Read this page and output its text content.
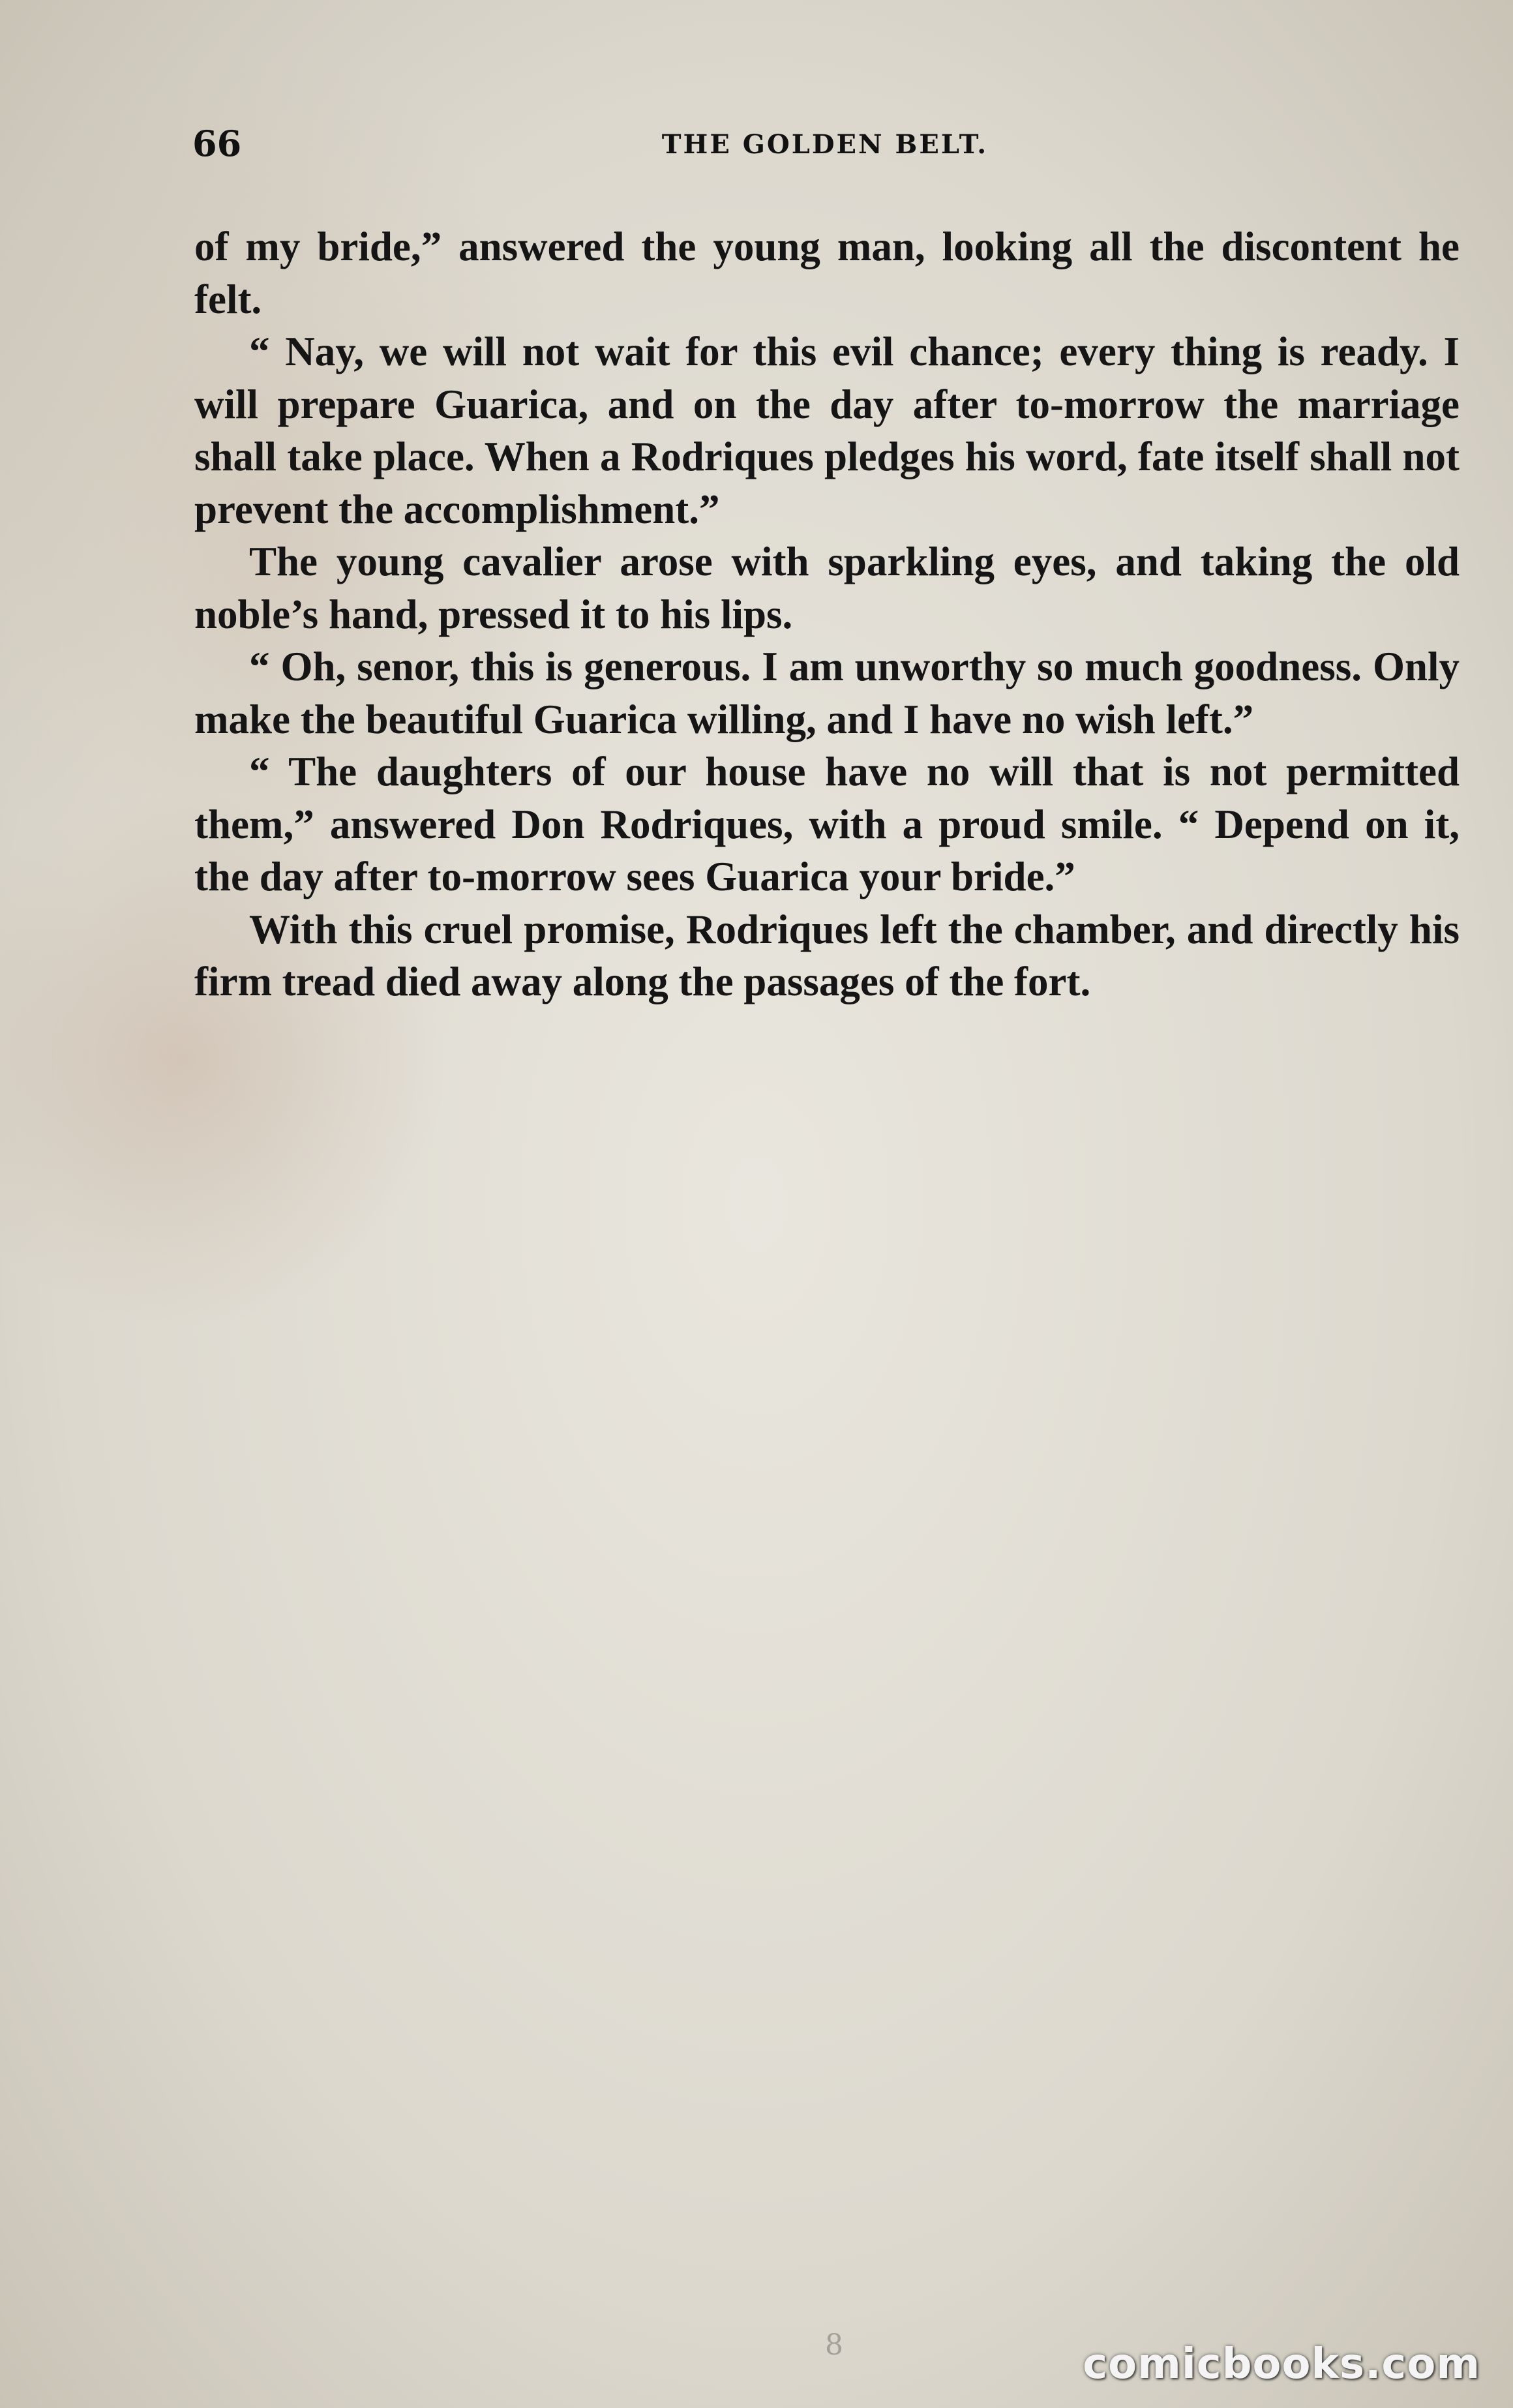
66	THE GOLDEN BELT.

of my bride,” answered the young man, looking all the discontent he felt.

“ Nay, we will not wait for this evil chance; every thing is ready. I will prepare Guarica, and on the day after to-morrow the marriage shall take place. When a Rodriques pledges his word, fate itself shall not prevent the accomplishment.”

The young cavalier arose with sparkling eyes, and taking the old noble’s hand, pressed it to his lips.

“ Oh, senor, this is generous. I am unworthy so much goodness. Only make the beautiful Guarica willing, and I have no wish left.”

“ The daughters of our house have no will that is not permitted them,” answered Don Rodriques, with a proud smile. “ Depend on it, the day after to-morrow sees Guarica your bride.”

With this cruel promise, Rodriques left the chamber, and directly his firm tread died away along the passages of the fort.

8	comicbooks.com
